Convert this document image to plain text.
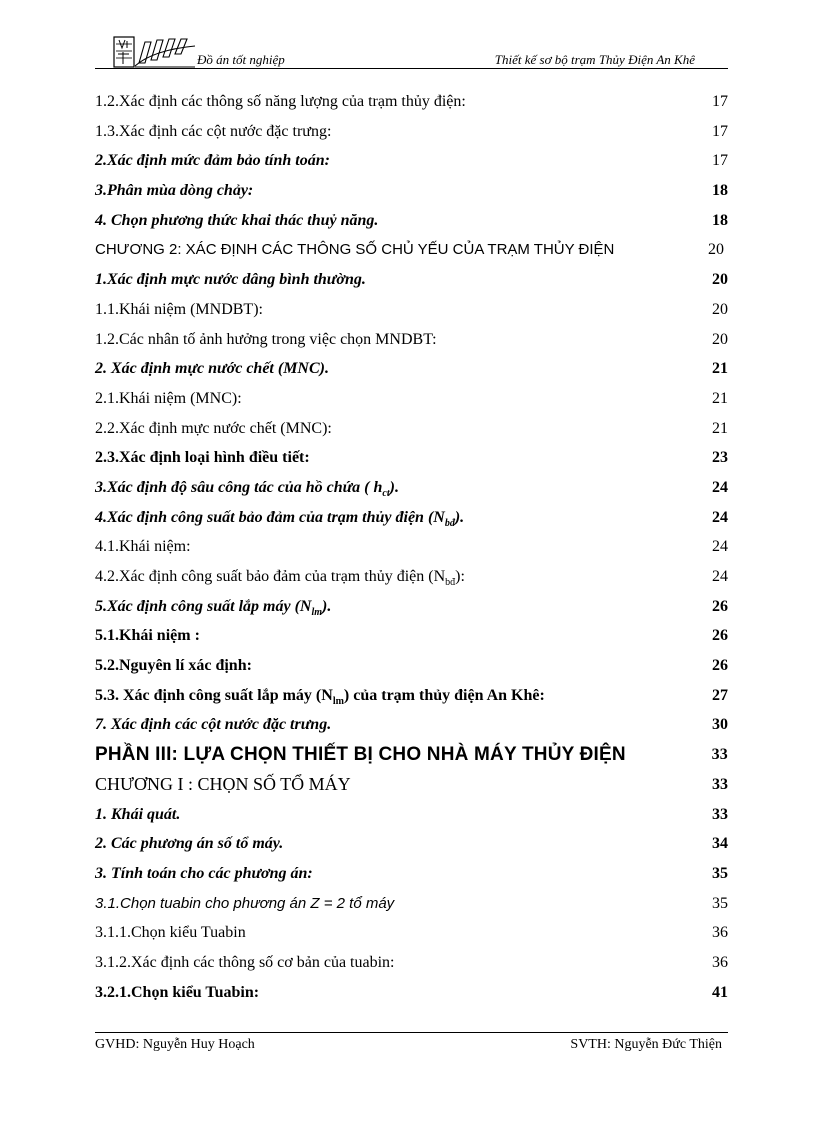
Đồ án tốt nghiệp	Thiết kế sơ bộ trạm Thủy Điện An Khê
1.2.Xác định các thông số năng lượng của trạm thủy điện:	17
1.3.Xác định các cột nước đặc trưng:	17
2.Xác định mức đảm bảo tính toán:	17
3.Phân mùa dòng chảy:	18
4. Chọn phương thức khai thác thuỷ năng.	18
CHƯƠNG 2: XÁC ĐỊNH CÁC THÔNG SỐ CHỦ YẾU CỦA TRẠM THỦY ĐIỆN	20
1.Xác định mực nước dâng bình thường.	20
1.1.Khái niệm (MNDBT):	20
1.2.Các nhân tố ảnh hưởng trong việc chọn MNDBT:	20
2. Xác định mực nước chết (MNC).	21
2.1.Khái niệm (MNC):	21
2.2.Xác định mực nước chết (MNC):	21
2.3.Xác định loại hình điều tiết:	23
3.Xác định độ sâu công tác của hồ chứa ( $h_{ct}$).	24
4.Xác định công suất bảo đảm của trạm thủy điện $(N_{bđ})$.	24
4.1.Khái niệm:	24
4.2.Xác định công suất bảo đảm của trạm thủy điện $(N_{bđ})$:	24
5.Xác định công suất lắp máy $(N_{lm})$.	26
5.1.Khái niệm :	26
5.2.Nguyên lí xác định:	26
5.3. Xác định công suất lắp máy $(N_{lm})$ của trạm thủy điện An Khê:	27
7. Xác định các cột nước đặc trưng.	30
PHẦN III: LỰA CHỌN THIẾT BỊ CHO NHÀ MÁY THỦY ĐIỆN	33
CHƯƠNG I : CHỌN SỐ TỔ MÁY	33
1. Khái quát.	33
2. Các phương án số tổ máy.	34
3. Tính toán cho các phương án:	35
3.1.Chọn tuabin cho phương án Z = 2 tổ máy	35
3.1.1.Chọn kiểu Tuabin	36
3.1.2.Xác định các thông số cơ bản của tuabin:	36
3.2.1.Chọn kiểu Tuabin:	41
GVHD: Nguyễn Huy Hoạch	SVTH: Nguyễn Đức Thiện
